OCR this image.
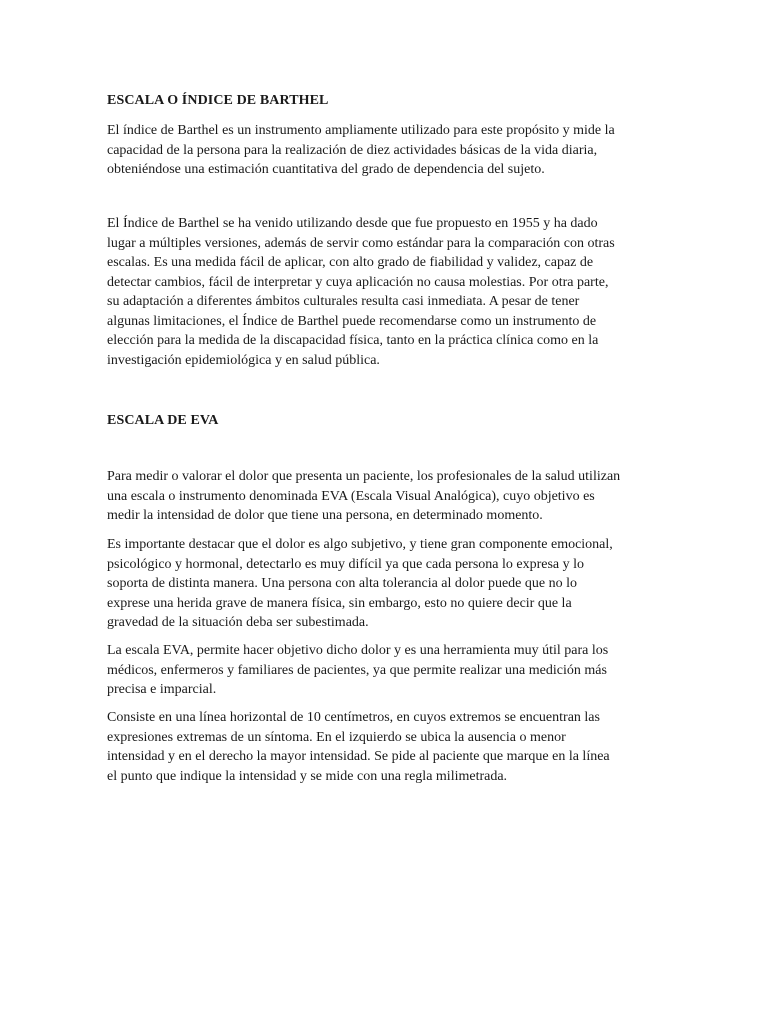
ESCALA O ÍNDICE DE BARTHEL
El índice de Barthel es un instrumento ampliamente utilizado para este propósito y mide la
capacidad de la persona para la realización de diez actividades básicas de la vida diaria,
obteniéndose una estimación cuantitativa del grado de dependencia del sujeto.
El Índice de Barthel se ha venido utilizando desde que fue propuesto en 1955 y ha dado
lugar a múltiples versiones, además de servir como estándar para la comparación con otras
escalas. Es una medida fácil de aplicar, con alto grado de fiabilidad y validez, capaz de
detectar cambios, fácil de interpretar y cuya aplicación no causa molestias. Por otra parte,
su adaptación a diferentes ámbitos culturales resulta casi inmediata. A pesar de tener
algunas limitaciones, el Índice de Barthel puede recomendarse como un instrumento de
elección para la medida de la discapacidad física, tanto en la práctica clínica como en la
investigación epidemiológica y en salud pública.
ESCALA DE EVA
Para medir o valorar el dolor que presenta un paciente, los profesionales de la salud utilizan
una escala o instrumento denominada EVA (Escala Visual Analógica), cuyo objetivo es
medir la intensidad de dolor que tiene una persona, en determinado momento.
Es importante destacar que el dolor es algo subjetivo, y tiene gran componente emocional,
psicológico y hormonal, detectarlo es muy difícil ya que cada persona lo expresa y lo
soporta de distinta manera. Una persona con alta tolerancia al dolor puede que no lo
exprese una herida grave de manera física, sin embargo, esto no quiere decir que la
gravedad de la situación deba ser subestimada.
La escala EVA, permite hacer objetivo dicho dolor y es una herramienta muy útil para los
médicos, enfermeros y familiares de pacientes, ya que permite realizar una medición más
precisa e imparcial.
Consiste en una línea horizontal de 10 centímetros, en cuyos extremos se encuentran las
expresiones extremas de un síntoma. En el izquierdo se ubica la ausencia o menor
intensidad y en el derecho la mayor intensidad. Se pide al paciente que marque en la línea
el punto que indique la intensidad y se mide con una regla milimetrada.
